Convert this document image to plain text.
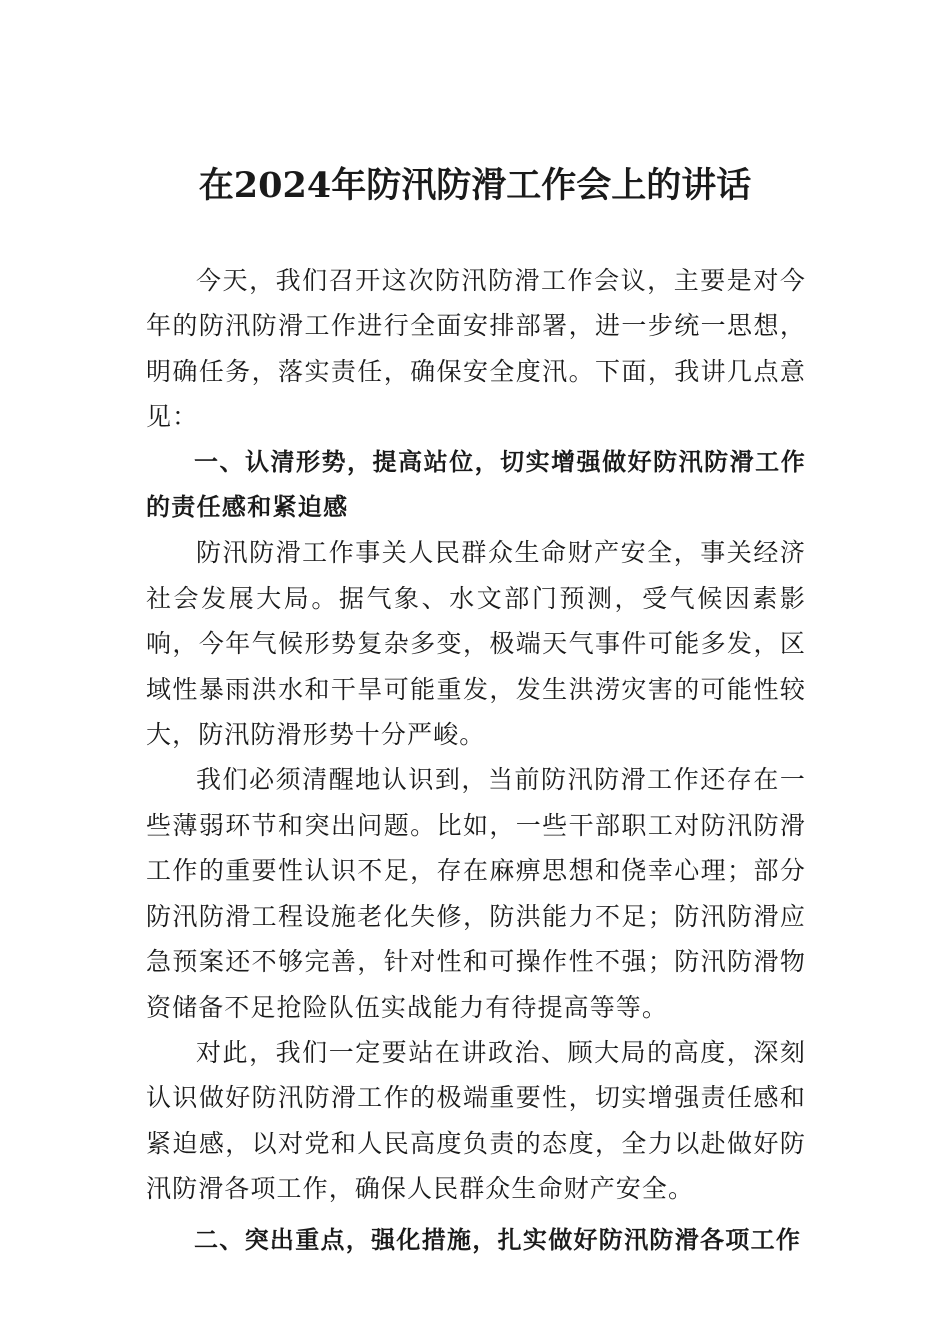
在2024年防汛防滑工作会上的讲话

今天，我们召开这次防汛防滑工作会议，主要是对今年的防汛防滑工作进行全面安排部署，进一步统一思想，明确任务，落实责任，确保安全度汛。下面，我讲几点意见：

一、认清形势，提高站位，切实增强做好防汛防滑工作的责任感和紧迫感

防汛防滑工作事关人民群众生命财产安全，事关经济社会发展大局。据气象、水文部门预测，受气候因素影响，今年气候形势复杂多变，极端天气事件可能多发，区域性暴雨洪水和干旱可能重发，发生洪涝灾害的可能性较大，防汛防滑形势十分严峻。

我们必须清醒地认识到，当前防汛防滑工作还存在一些薄弱环节和突出问题。比如，一些干部职工对防汛防滑工作的重要性认识不足，存在麻痹思想和侥幸心理；部分防汛防滑工程设施老化失修，防洪能力不足；防汛防滑应急预案还不够完善，针对性和可操作性不强；防汛防滑物资储备不足抢险队伍实战能力有待提高等等。

对此，我们一定要站在讲政治、顾大局的高度，深刻认识做好防汛防滑工作的极端重要性，切实增强责任感和紧迫感，以对党和人民高度负责的态度，全力以赴做好防汛防滑各项工作，确保人民群众生命财产安全。

二、突出重点，强化措施，扎实做好防汛防滑各项工作
